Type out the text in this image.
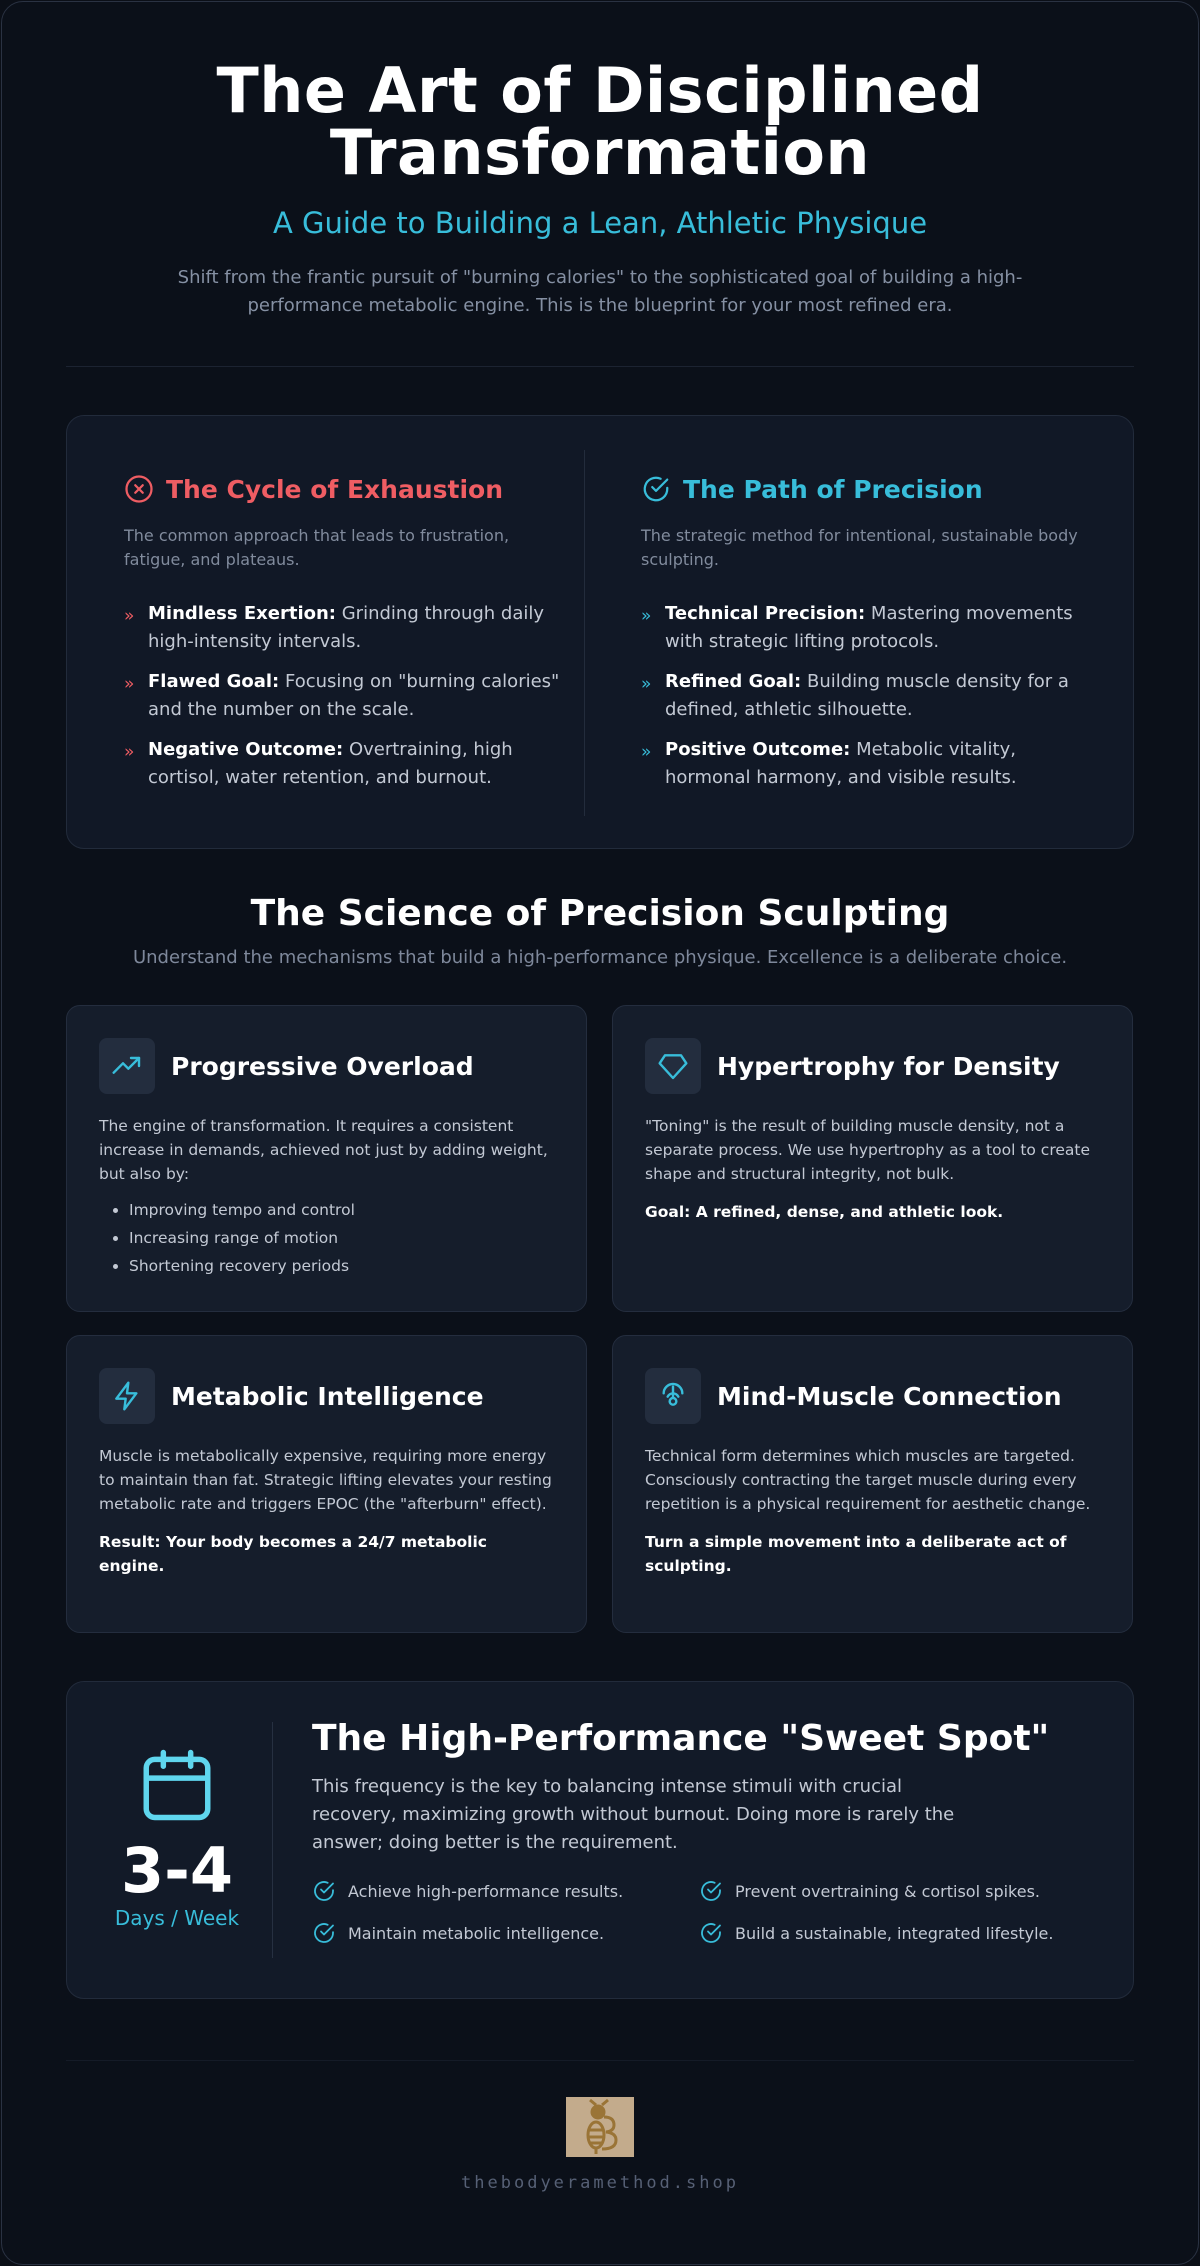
The Art of Disciplined
Transformation
A Guide to Building a Lean, Athletic Physique
Shift from the frantic pursuit of "burning calories" to the sophisticated goal of building a high-performance metabolic engine. This is the blueprint for your most refined era.
The Cycle of Exhaustion
The common approach that leads to frustration, fatigue, and plateaus.
» Mindless Exertion: Grinding through daily high-intensity intervals.
» Flawed Goal: Focusing on "burning calories" and the number on the scale.
» Negative Outcome: Overtraining, high cortisol, water retention, and burnout.
The Path of Precision
The strategic method for intentional, sustainable body sculpting.
» Technical Precision: Mastering movements with strategic lifting protocols.
» Refined Goal: Building muscle density for a defined, athletic silhouette.
» Positive Outcome: Metabolic vitality, hormonal harmony, and visible results.
The Science of Precision Sculpting
Understand the mechanisms that build a high-performance physique. Excellence is a deliberate choice.
Progressive Overload

The engine of transformation. It requires a consistent increase in demands, achieved not just by adding weight, but also by:

• Improving tempo and control
• Increasing range of motion
• Shortening recovery periods
Hypertrophy for Density

"Toning" is the result of building muscle density, not a separate process. We use hypertrophy as a tool to create shape and structural integrity, not bulk.

Goal: A refined, dense, and athletic look.

Metabolic Intelligence

Muscle is metabolically expensive, requiring more energy to maintain than fat. Strategic lifting elevates your resting metabolic rate and triggers EPOC (the "afterburn" effect).

Result: Your body becomes a 24/7 metabolic engine.

Mind-Muscle Connection

Technical form determines which muscles are targeted. Consciously contracting the target muscle during every repetition is a physical requirement for aesthetic change.

Turn a simple movement into a deliberate act of sculpting.

3-4
Days / Week
The High-Performance "Sweet Spot"
This frequency is the key to balancing intense stimuli with crucial recovery, maximizing growth without burnout. Doing more is rarely the answer; doing better is the requirement.
Achieve high-performance results.	Prevent overtraining & cortisol spikes.
Maintain metabolic intelligence.	Build a sustainable, integrated lifestyle.
thebodyeramethod.shop
